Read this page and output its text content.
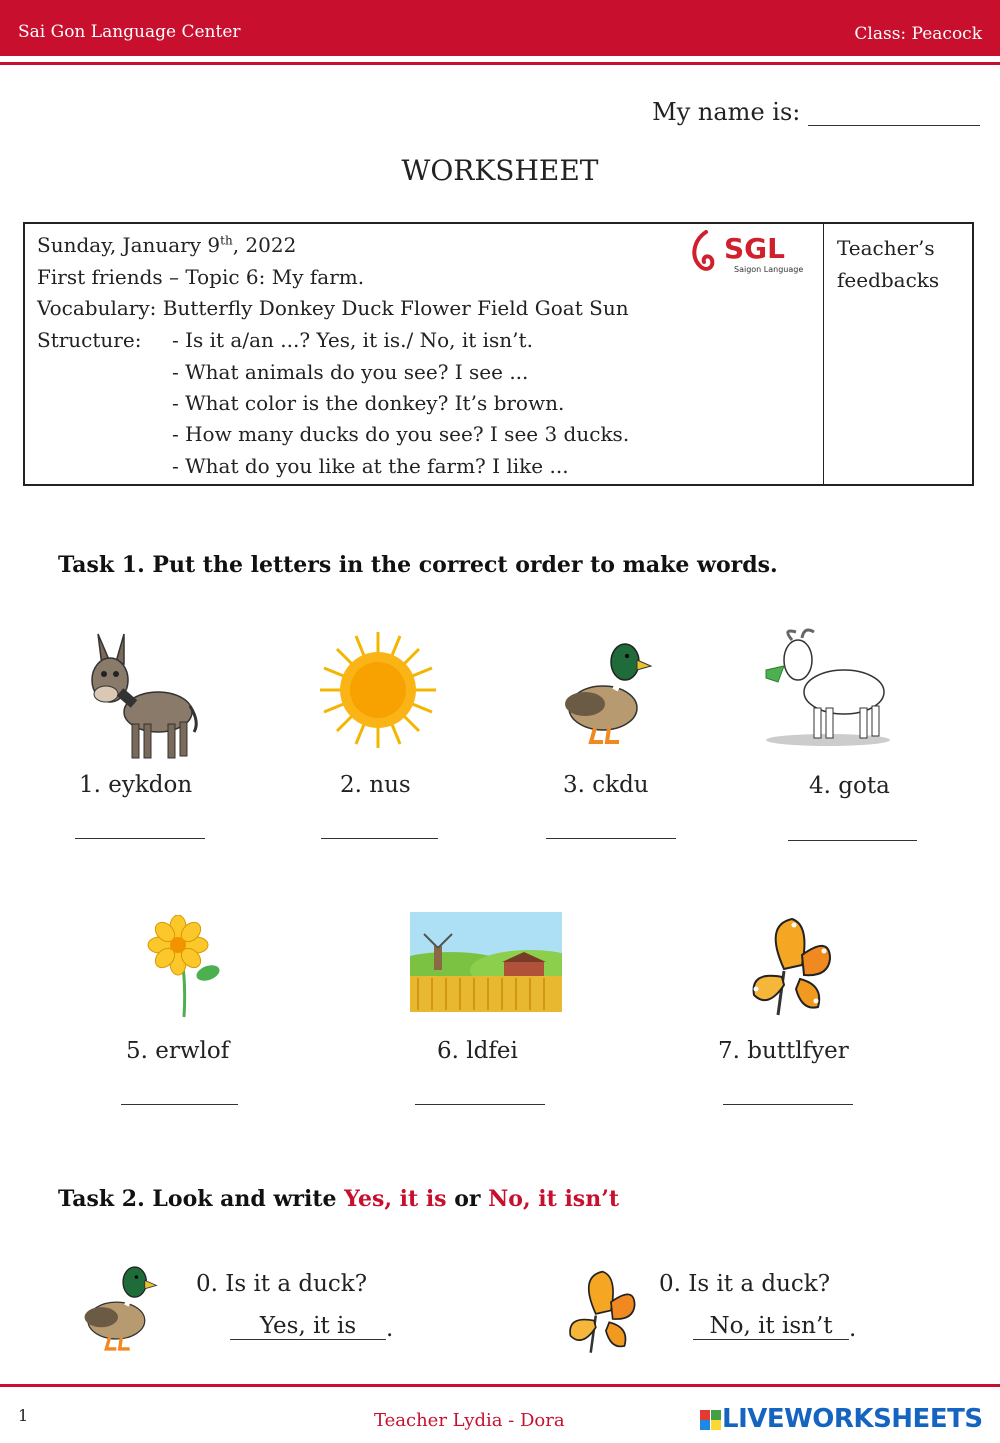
Sai Gon Language Center	Class: Peacock
My name is:
WORKSHEET
Sunday, January 9th, 2022
First friends – Topic 6: My farm.
Vocabulary: Butterfly Donkey Duck Flower Field Goat Sun
Structure: - Is it a/an ...? Yes, it is./ No, it isn’t.
- What animals do you see? I see ...
- What color is the donkey? It’s brown.
- How many ducks do you see? I see 3 ducks.
- What do you like at the farm? I like ...
Teacher’s
feedbacks
SGL
Saigon Language
Task 1. Put the letters in the correct order to make words.
1. eykdon	2. nus	3. ckdu	4. gota
5. erwlof	6. ldfei	7. buttlfyer
Task 2. Look and write Yes, it is or No, it isn’t
0. Is it a duck?
Yes, it is	.
0. Is it a duck?
No, it isn’t .
1	Teacher Lydia - Dora	LIVEWORKSHEETS
